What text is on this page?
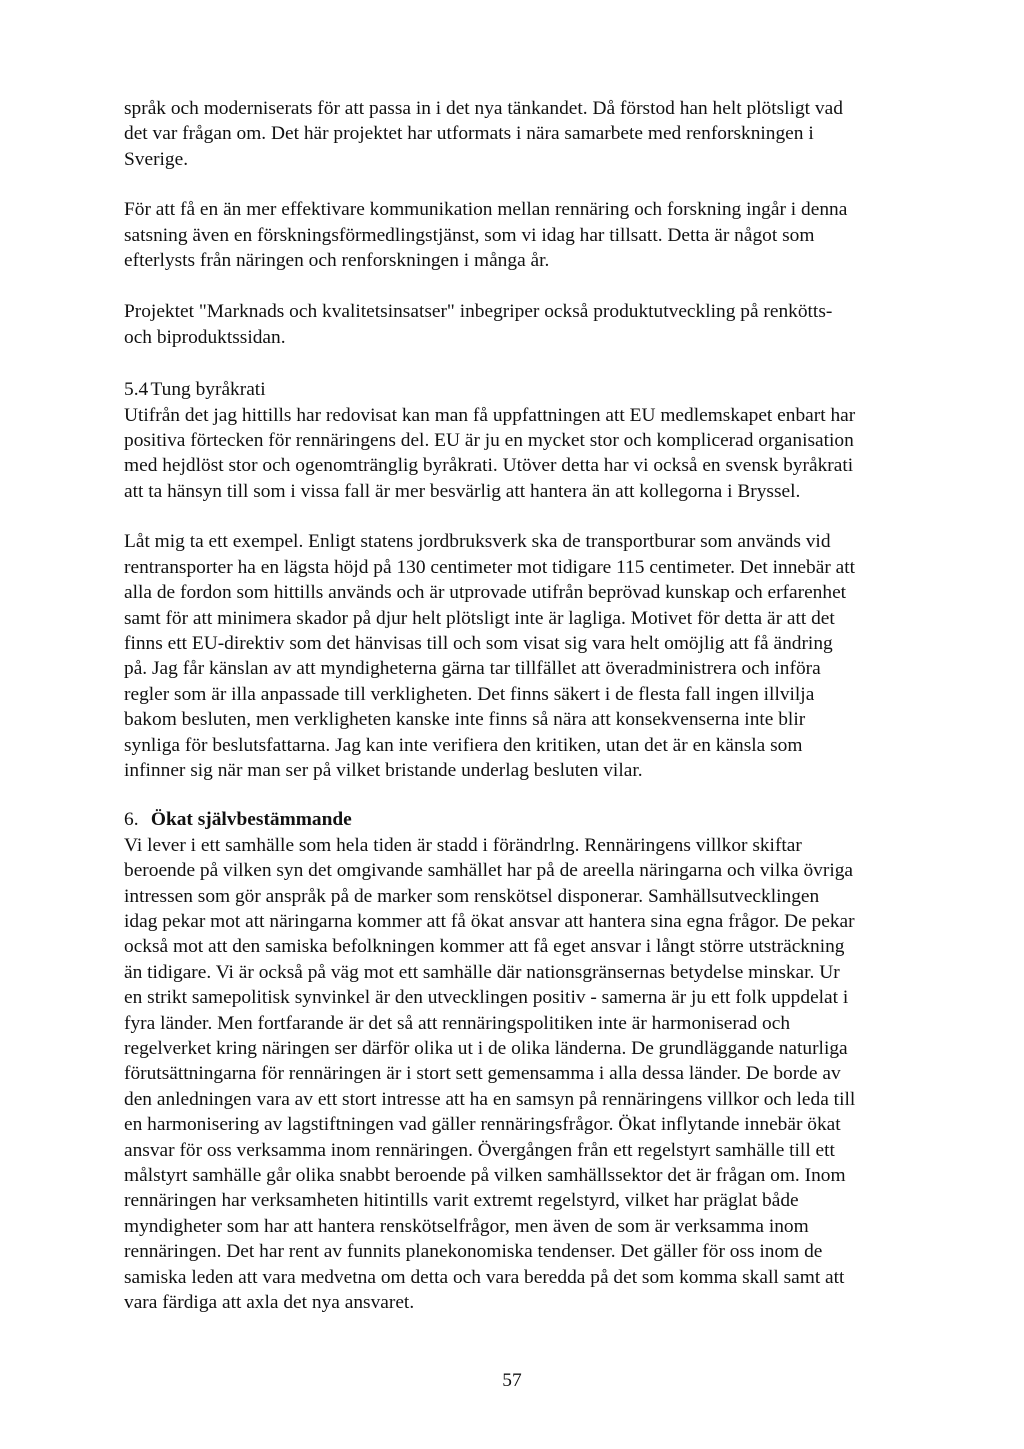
språk och moderniserats för att passa in i det nya tänkandet. Då förstod han helt plötsligt vad
det var frågan om. Det här projektet har utformats i nära samarbete med renforskningen i
Sverige.

För att få en än mer effektivare kommunikation mellan rennäring och forskning ingår i denna
satsning även en förskningsförmedlingstjänst, som vi idag har tillsatt. Detta är något som
efterlysts från näringen och renforskningen i många år.

Projektet "Marknads och kvalitetsinsatser" inbegriper också produktutveckling på renkötts-
och biproduktssidan.

5.4 Tung byråkrati

Utifrån det jag hittills har redovisat kan man få uppfattningen att EU medlemskapet enbart har
positiva förtecken för rennäringens del. EU är ju en mycket stor och komplicerad organisation
med hejdlöst stor och ogenomtränglig byråkrati. Utöver detta har vi också en svensk byråkrati
att ta hänsyn till som i vissa fall är mer besvärlig att hantera än att kollegorna i Bryssel.

Låt mig ta ett exempel. Enligt statens jordbruksverk ska de transportburar som används vid
rentransporter ha en lägsta höjd på 130 centimeter mot tidigare 115 centimeter. Det innebär att
alla de fordon som hittills används och är utprovade utifrån beprövad kunskap och erfarenhet
samt för att minimera skador på djur helt plötsligt inte är lagliga. Motivet för detta är att det
finns ett EU-direktiv som det hänvisas till och som visat sig vara helt omöjlig att få ändring
på. Jag får känslan av att myndigheterna gärna tar tillfället att överadministrera och införa
regler som är illa anpassade till verkligheten. Det finns säkert i de flesta fall ingen illvilja
bakom besluten, men verkligheten kanske inte finns så nära att konsekvenserna inte blir
synliga för beslutsfattarna. Jag kan inte verifiera den kritiken, utan det är en känsla som
infinner sig när man ser på vilket bristande underlag besluten vilar.

6. Ökat självbestämmande

Vi lever i ett samhälle som hela tiden är stadd i förändrlng. Rennäringens villkor skiftar
beroende på vilken syn det omgivande samhället har på de areella näringarna och vilka övriga
intressen som gör anspråk på de marker som renskötsel disponerar. Samhällsutvecklingen
idag pekar mot att näringarna kommer att få ökat ansvar att hantera sina egna frågor. De pekar
också mot att den samiska befolkningen kommer att få eget ansvar i långt större utsträckning
än tidigare. Vi är också på väg mot ett samhälle där nationsgränsernas betydelse minskar. Ur
en strikt samepolitisk synvinkel är den utvecklingen positiv - samerna är ju ett folk uppdelat i
fyra länder. Men fortfarande är det så att rennäringspolitiken inte är harmoniserad och
regelverket kring näringen ser därför olika ut i de olika länderna. De grundläggande naturliga
förutsättningarna för rennäringen är i stort sett gemensamma i alla dessa länder. De borde av
den anledningen vara av ett stort intresse att ha en samsyn på rennäringens villkor och leda till
en harmonisering av lagstiftningen vad gäller rennäringsfrågor. Ökat inflytande innebär ökat
ansvar för oss verksamma inom rennäringen. Övergången från ett regelstyrt samhälle till ett
målstyrt samhälle går olika snabbt beroende på vilken samhällssektor det är frågan om. Inom
rennäringen har verksamheten hitintills varit extremt regelstyrd, vilket har präglat både
myndigheter som har att hantera renskötselfrågor, men även de som är verksamma inom
rennäringen. Det har rent av funnits planekonomiska tendenser. Det gäller för oss inom de
samiska leden att vara medvetna om detta och vara beredda på det som komma skall samt att
vara färdiga att axla det nya ansvaret.

57
